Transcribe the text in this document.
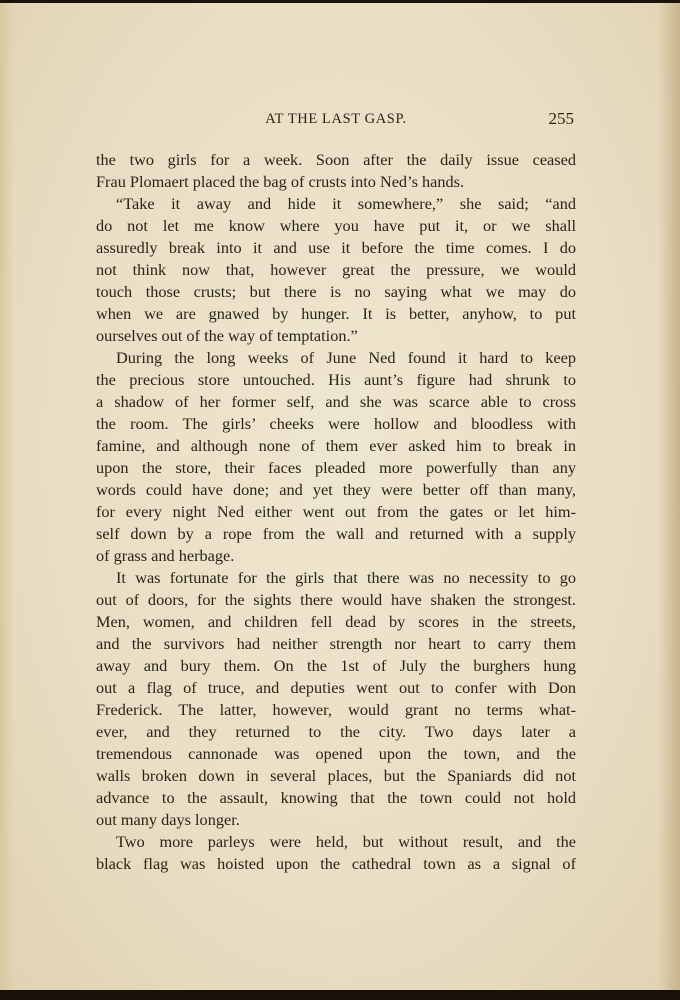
AT THE LAST GASP.	255
the two girls for a week. Soon after the daily issue ceased
Frau Plomaert placed the bag of crusts into Ned’s hands.
“Take it away and hide it somewhere,” she said; “and
do not let me know where you have put it, or we shall
assuredly break into it and use it before the time comes. I do
not think now that, however great the pressure, we would
touch those crusts; but there is no saying what we may do
when we are gnawed by hunger. It is better, anyhow, to put
ourselves out of the way of temptation.”
During the long weeks of June Ned found it hard to keep
the precious store untouched. His aunt’s figure had shrunk to
a shadow of her former self, and she was scarce able to cross
the room. The girls’ cheeks were hollow and bloodless with
famine, and although none of them ever asked him to break in
upon the store, their faces pleaded more powerfully than any
words could have done; and yet they were better off than many,
for every night Ned either went out from the gates or let him-
self down by a rope from the wall and returned with a supply
of grass and herbage.
It was fortunate for the girls that there was no necessity to go
out of doors, for the sights there would have shaken the strongest.
Men, women, and children fell dead by scores in the streets,
and the survivors had neither strength nor heart to carry them
away and bury them. On the 1st of July the burghers hung
out a flag of truce, and deputies went out to confer with Don
Frederick. The latter, however, would grant no terms what-
ever, and they returned to the city. Two days later a
tremendous cannonade was opened upon the town, and the
walls broken down in several places, but the Spaniards did not
advance to the assault, knowing that the town could not hold
out many days longer.
Two more parleys were held, but without result, and the
black flag was hoisted upon the cathedral town as a signal of
